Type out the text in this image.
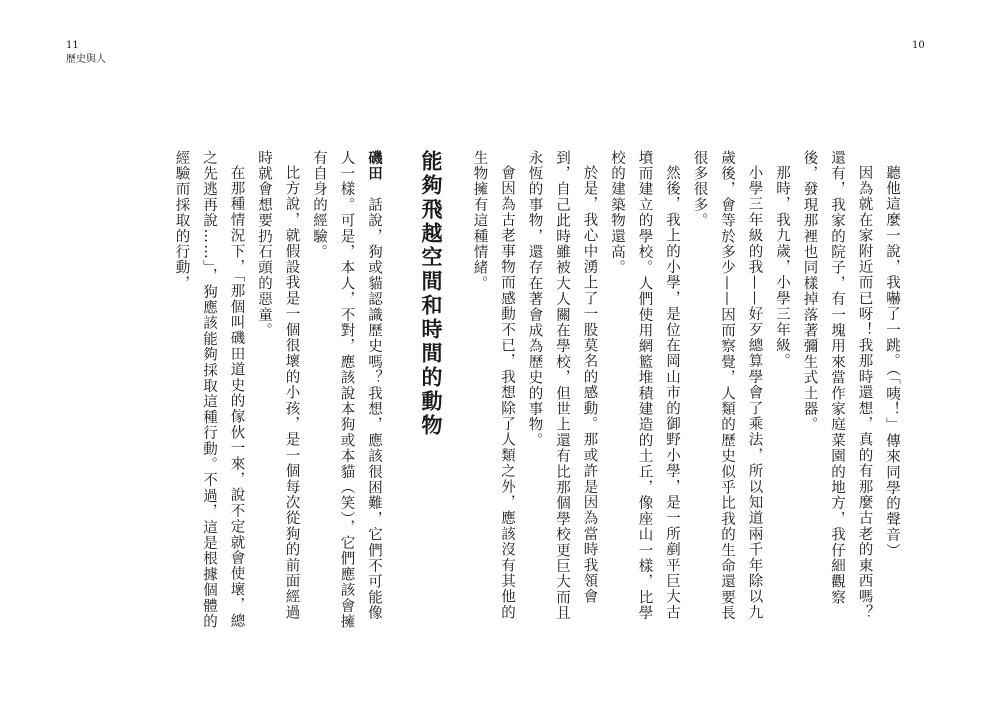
11
歷史與人
10

聽他這麼一說，我嚇了一跳。（「咦！」傳來同學的聲音）

因為就在家附近而已呀！我那時還想，真的有那麼古老的東西嗎？還有，我家的院子，有一塊用來當作家庭菜園的地方，我仔細觀察後，發現那裡也同樣掉落著彌生式土器。

那時，我九歲，小學三年級。

小學三年級的我——好歹總算學會了乘法，所以知道兩千年除以九歲後，會等於多少——因而察覺，人類的歷史似乎比我的生命還要長很多很多。

然後，我上的小學，是位在岡山市的御野小學，是一所剷平巨大古墳而建立的學校。人們使用網籃堆積建造的土丘，像座山一樣，比學校的建築物還高。

於是，我心中湧上了一股莫名的感動。那或許是因為當時我領會到，自己此時雖被大人關在學校，但世上還有比那個學校更巨大而且永恆的事物，還存在著會成為歷史的事物。

會因為古老事物而感動不已，我想除了人類之外，應該沒有其他的生物擁有這種情緒。

能夠飛越空間和時間的動物

磯田　話說，狗或貓認識歷史嗎？我想，應該很困難，它們不可能像人一樣。可是，本人，不對，應該說本狗或本貓（笑），它們應該會擁有自身的經驗。

比方說，就假設我是一個很壞的小孩，是一個每次從狗的前面經過時就會想要扔石頭的惡童。

在那種情況下，「那個叫磯田道史的傢伙一來，說不定就會使壞，總之先逃再說……」，狗應該能夠採取這種行動。不過，這是根據個體的經驗而採取的行動，
